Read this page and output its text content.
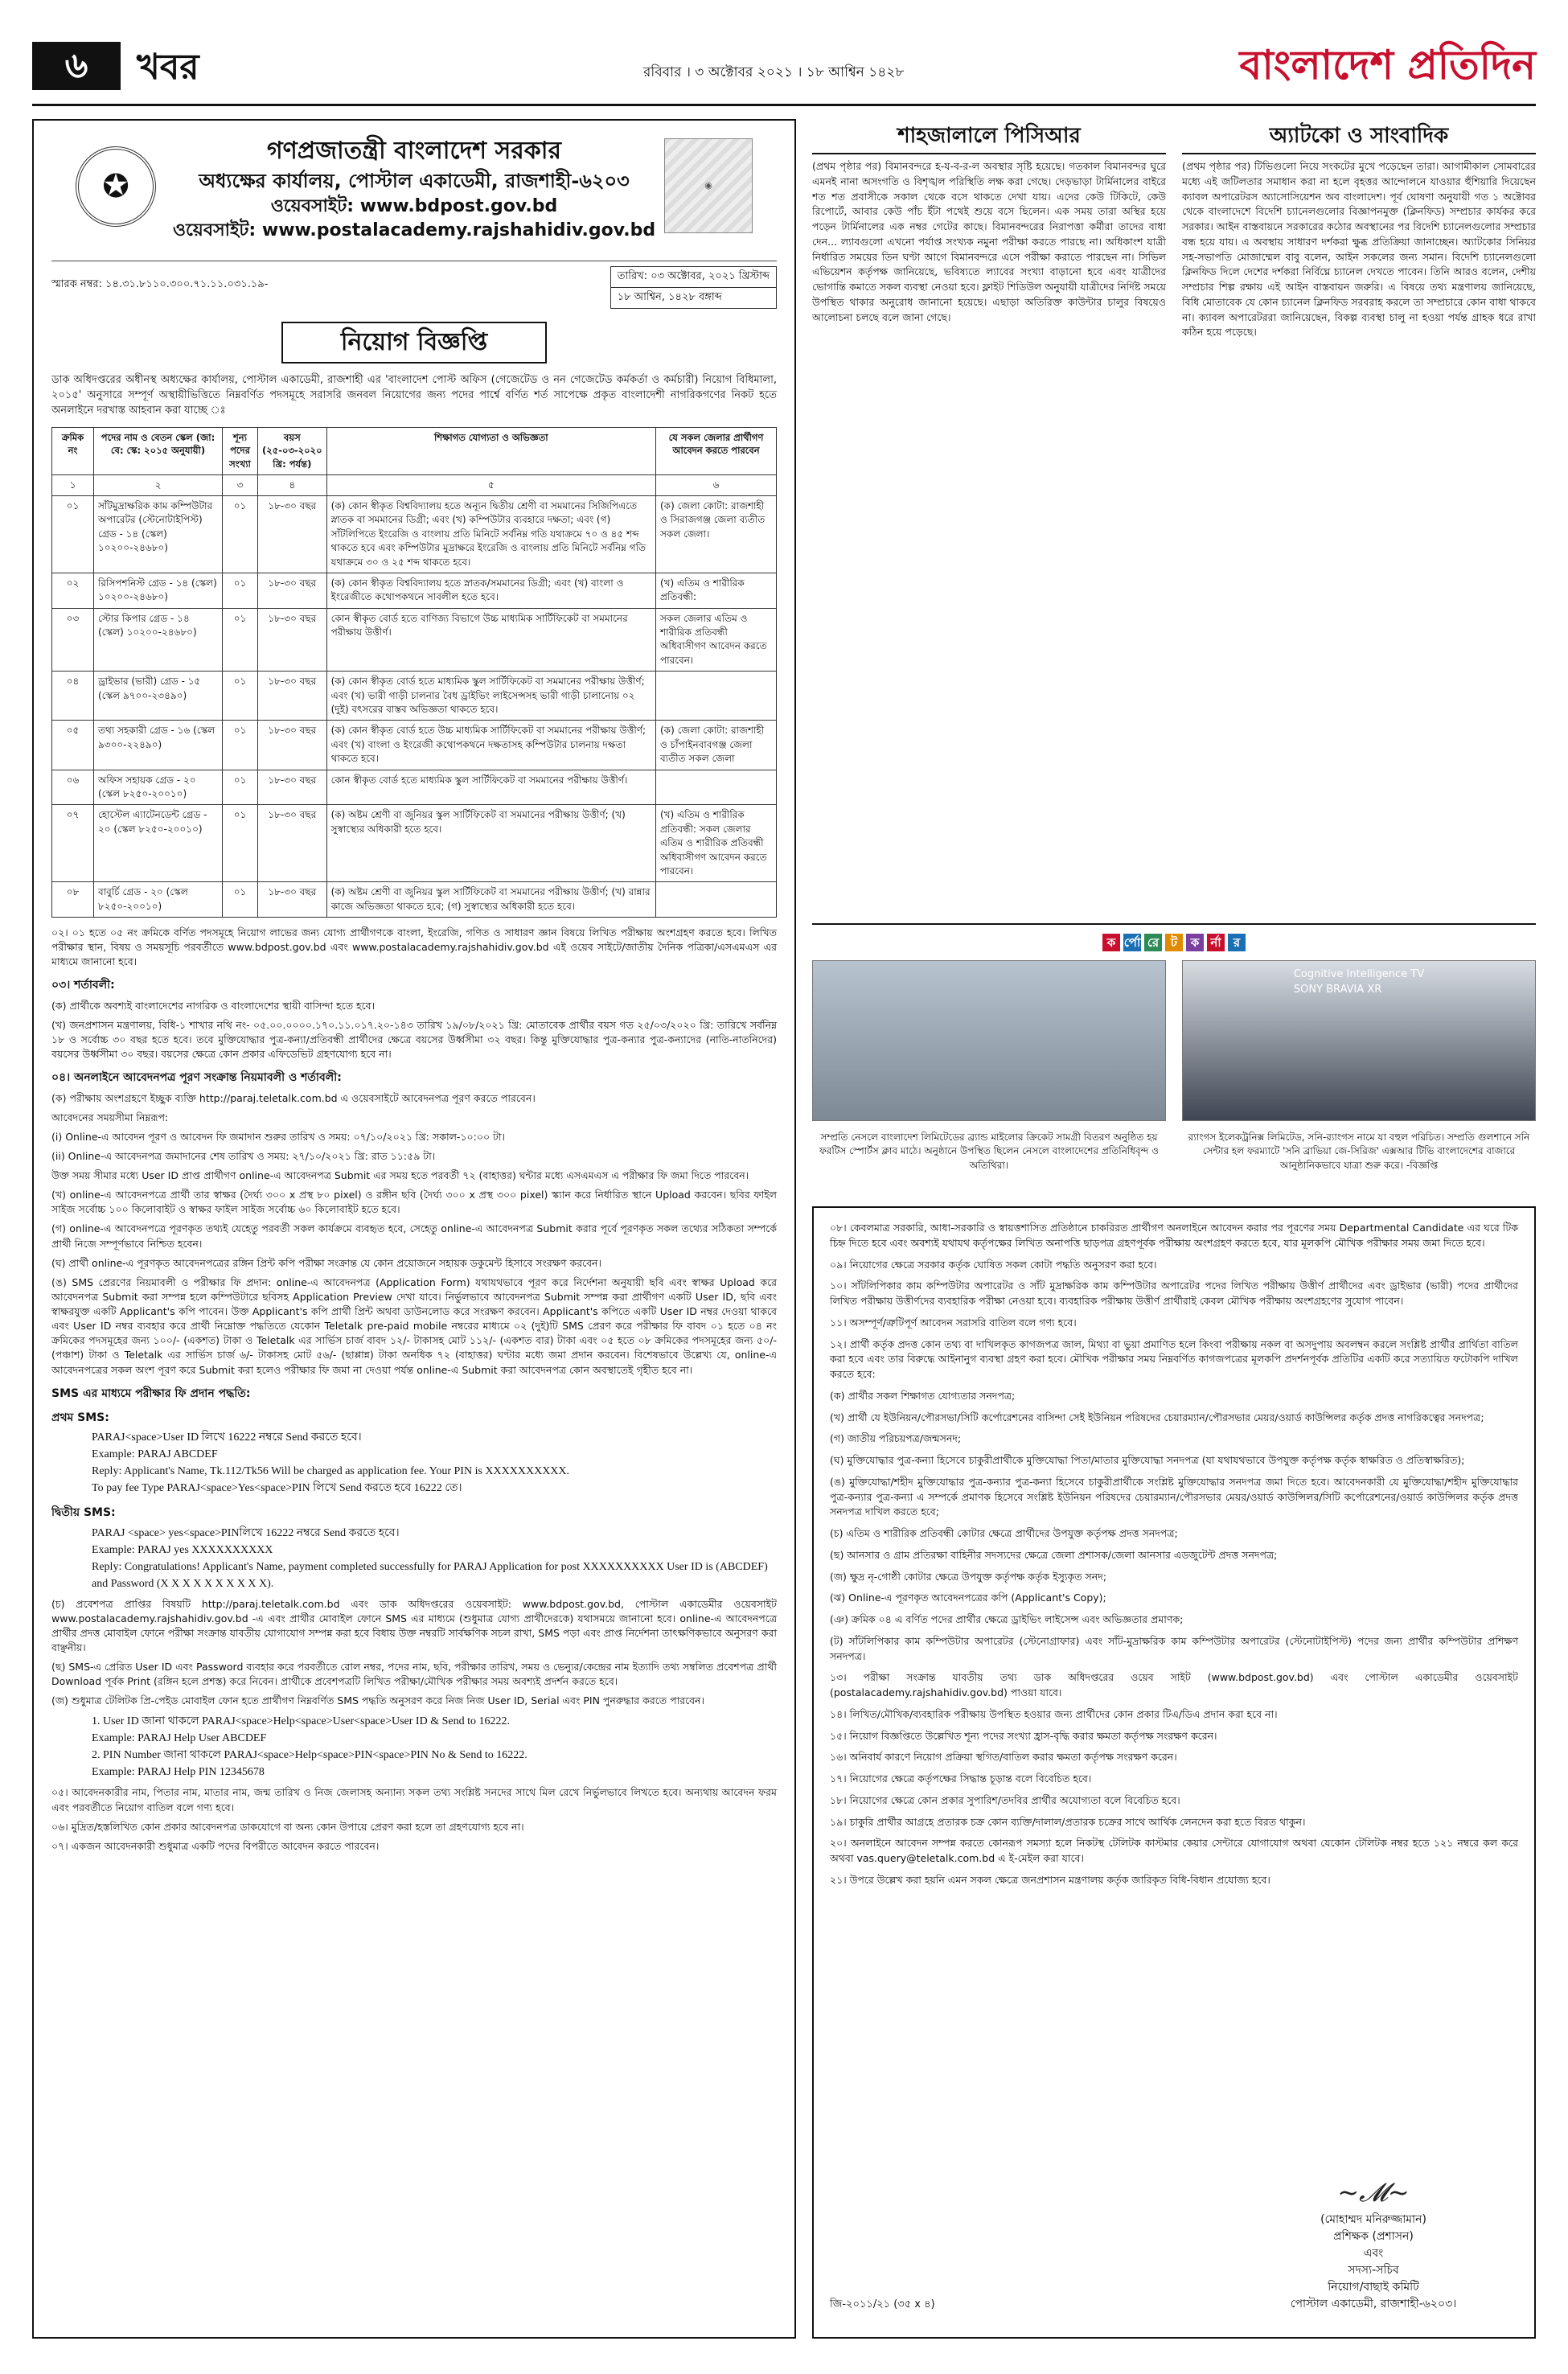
৬	খবর	রবিবার । ৩ অক্টোবর ২০২১ । ১৮ আশ্বিন ১৪২৮	বাংলাদেশ প্রতিদিন
✪	◉
গণপ্রজাতন্ত্রী বাংলাদেশ সরকার
অধ্যক্ষের কার্যালয়, পোস্টাল একাডেমী, রাজশাহী-৬২০৩
ওয়েবসাইট: www.bdpost.gov.bd
ওয়েবসাইট: www.postalacademy.rajshahidiv.gov.bd
স্মারক নম্বর: ১৪.৩১.৮১১০.৩০০.৭১.১১.০৩১.১৯-
তারিখ: ০৩ অক্টোবর, ২০২১ খ্রিস্টাব্দ
১৮ আশ্বিন, ১৪২৮ বঙ্গাব্দ
নিয়োগ বিজ্ঞপ্তি

ডাক অধিদপ্তরের অধীনস্থ অধ্যক্ষের কার্যালয়, পোস্টাল একাডেমী, রাজশাহী এর 'বাংলাদেশ পোস্ট অফিস (গেজেটেড ও নন গেজেটেড কর্মকর্তা ও কর্মচারী) নিয়োগ বিধিমালা, ২০১৫' অনুসারে সম্পূর্ণ অস্থায়ীভিত্তিতে নিম্নবর্ণিত পদসমূহে সরাসরি জনবল নিয়োগের জন্য পদের পার্শ্বে বর্ণিত শর্ত সাপেক্ষে প্রকৃত বাংলাদেশী নাগরিকগণের নিকট হতে অনলাইনে দরখাস্ত আহবান করা যাচ্ছে ঃ

ক্রমিক নং	পদের নাম ও বেতন স্কেল (জা: বে: স্কে: ২০১৫ অনুযায়ী)	শূন্য পদের সংখ্যা	বয়স (২৫-০৩-২০২০ খ্রি: পর্যন্ত)	শিক্ষাগত যোগ্যতা ও অভিজ্ঞতা	যে সকল জেলার প্রার্থীগণ আবেদন করতে পারবেন
১	২	৩	৪	৫	৬
০১	সাঁটমুদ্রাক্ষরিক কাম কম্পিউটার অপারেটর (স্টেনোটাইপিস্ট) গ্রেড - ১৪ (স্কেল) ১০২০০-২৪৬৮০)	০১	১৮-৩০ বছর	(ক) কোন স্বীকৃত বিশ্ববিদ্যালয় হতে অন্যূন দ্বিতীয় শ্রেণী বা সমমানের সিজিপিএতে স্নাতক বা সমমানের ডিগ্রী; এবং (খ) কম্পিউটার ব্যবহারে দক্ষতা; এবং (গ) সাঁটলিপিতে ইংরেজি ও বাংলায় প্রতি মিনিটে সর্বনিম্ন গতি যথাক্রমে ৭০ ও ৪৫ শব্দ থাকতে হবে এবং কম্পিউটার মুদ্রাক্ষরে ইংরেজি ও বাংলায় প্রতি মিনিটে সর্বনিম্ন গতি যথাক্রমে ৩০ ও ২৫ শব্দ থাকতে হবে।	(ক) জেলা কোটা: রাজশাহী ও সিরাজগঞ্জ জেলা ব্যতীত সকল জেলা।
০২	রিসিপশনিস্ট গ্রেড - ১৪ (স্কেল) ১০২০০-২৪৬৮০)	০১	১৮-৩০ বছর	(ক) কোন স্বীকৃত বিশ্ববিদ্যালয় হতে স্নাতক/সমমানের ডিগ্রী; এবং (খ) বাংলা ও ইংরেজীতে কথোপকথনে সাবলীল হতে হবে।	(খ) এতিম ও শারীরিক প্রতিবন্ধী:
০৩	স্টোর কিপার গ্রেড - ১৪ (স্কেল) ১০২০০-২৪৬৮০)	০১	১৮-৩০ বছর	কোন স্বীকৃত বোর্ড হতে বাণিজ্য বিভাগে উচ্চ মাধ্যমিক সার্টিফিকেট বা সমমানের পরীক্ষায় উত্তীর্ণ।	সকল জেলার এতিম ও শারীরিক প্রতিবন্ধী অধিবাসীগণ আবেদন করতে পারবেন।
০৪	ড্রাইভার (ভারী) গ্রেড - ১৫ (স্কেল ৯৭০০-২৩৪৯০)	০১	১৮-৩০ বছর	(ক) কোন স্বীকৃত বোর্ড হতে মাধ্যমিক স্কুল সার্টিফিকেট বা সমমানের পরীক্ষায় উত্তীর্ণ; এবং (খ) ভারী গাড়ী চালনার বৈধ ড্রাইভিং লাইসেন্সসহ ভারী গাড়ী চালানোয় ০২ (দুই) বৎসরের বাস্তব অভিজ্ঞতা থাকতে হবে।	
০৫	তথ্য সহকারী গ্রেড - ১৬ (স্কেল ৯৩০০-২২৪৯০)	০১	১৮-৩০ বছর	(ক) কোন স্বীকৃত বোর্ড হতে উচ্চ মাধ্যমিক সার্টিফিকেট বা সমমানের পরীক্ষায় উত্তীর্ণ; এবং (খ) বাংলা ও ইংরেজী কথোপকথনে দক্ষতাসহ কম্পিউটার চালনায় দক্ষতা থাকতে হবে।	(ক) জেলা কোটা: রাজশাহী ও চাঁপাইনবাবগঞ্জ জেলা ব্যতীত সকল জেলা
০৬	অফিস সহায়ক গ্রেড - ২০ (স্কেল ৮২৫০-২০০১০)	০১	১৮-৩০ বছর	কোন স্বীকৃত বোর্ড হতে মাধ্যমিক স্কুল সার্টিফিকেট বা সমমানের পরীক্ষায় উত্তীর্ণ।	
০৭	হোস্টেল এ্যাটেনডেন্ট গ্রেড - ২০ (স্কেল ৮২৫০-২০০১০)	০১	১৮-৩০ বছর	(ক) অষ্টম শ্রেণী বা জুনিয়র স্কুল সার্টিফিকেট বা সমমানের পরীক্ষায় উত্তীর্ণ; (খ) সুস্বাস্থ্যের অধিকারী হতে হবে।	(খ) এতিম ও শারীরিক প্রতিবন্ধী: সকল জেলার এতিম ও শারীরিক প্রতিবন্ধী অধিবাসীগণ আবেদন করতে পারবেন।
০৮	বাবুর্চি গ্রেড - ২০ (স্কেল ৮২৫০-২০০১০)	০১	১৮-৩০ বছর	(ক) অষ্টম শ্রেণী বা জুনিয়র স্কুল সার্টিফিকেট বা সমমানের পরীক্ষায় উত্তীর্ণ; (খ) রান্নার কাজে অভিজ্ঞতা থাকতে হবে; (গ) সুস্বাস্থ্যের অধিকারী হতে হবে।	

০২। ০১ হতে ০৫ নং ক্রমিকে বর্ণিত পদসমূহে নিয়োগ লাভের জন্য যোগ্য প্রার্থীগণকে বাংলা, ইংরেজি, গণিত ও সাধারণ জ্ঞান বিষয়ে লিখিত পরীক্ষায় অংশগ্রহণ করতে হবে। লিখিত পরীক্ষার স্থান, বিষয় ও সময়সূচি পরবর্তীতে www.bdpost.gov.bd এবং www.postalacademy.rajshahidiv.gov.bd এই ওয়েব সাইটে/জাতীয় দৈনিক পত্রিকা/এসএমএস এর মাধ্যমে জানানো হবে।

০৩। শর্তাবলী:

(ক) প্রার্থীকে অবশ্যই বাংলাদেশের নাগরিক ও বাংলাদেশের স্থায়ী বাসিন্দা হতে হবে।

(খ) জনপ্রশাসন মন্ত্রণালয়, বিধি-১ শাখার নথি নং- ০৫.০০.০০০০.১৭০.১১.০১৭.২০-১৪৩ তারিখ ১৯/০৮/২০২১ খ্রি: মোতাবেক প্রার্থীর বয়স গত ২৫/০৩/২০২০ খ্রি: তারিখে সর্বনিম্ন ১৮ ও সর্বোচ্চ ৩০ বছর হতে হবে। তবে মুক্তিযোদ্ধার পুত্র-কন্যা/প্রতিবন্ধী প্রার্থীদের ক্ষেত্রে বয়সের উর্ধ্বসীমা ৩২ বছর। কিন্তু মুক্তিযোদ্ধার পুত্র-কন্যার পুত্র-কন্যাদের (নাতি-নাতনিদের) বয়সের উর্ধ্বসীমা ৩০ বছর। বয়সের ক্ষেত্রে কোন প্রকার এফিডেভিট গ্রহণযোগ্য হবে না।

০৪। অনলাইনে আবেদনপত্র পূরণ সংক্রান্ত নিয়মাবলী ও শর্তাবলী:

(ক) পরীক্ষায় অংশগ্রহণে ইচ্ছুক ব্যক্তি http://paraj.teletalk.com.bd এ ওয়েবসাইটে আবেদনপত্র পূরণ করতে পারবেন।

আবেদনের সময়সীমা নিম্নরূপ:

(i) Online-এ আবেদন পূরণ ও আবেদন ফি জমাদান শুরুর তারিখ ও সময়: ০৭/১০/২০২১ খ্রি: সকাল-১০:০০ টা।

(ii) Online-এ আবেদনপত্র জমাদানের শেষ তারিখ ও সময়: ২৭/১০/২০২১ খ্রি: রাত ১১:৫৯ টা।

উক্ত সময় সীমার মধ্যে User ID প্রাপ্ত প্রার্থীগণ online-এ আবেদনপত্র Submit এর সময় হতে পরবর্তী ৭২ (বাহাত্তর) ঘন্টার মধ্যে এসএমএস এ পরীক্ষার ফি জমা দিতে পারবেন।

(খ) online-এ আবেদনপত্রে প্রার্থী তার স্বাক্ষর (দৈর্ঘ্য ৩০০ x প্রস্থ ৮০ pixel) ও রঙ্গীন ছবি (দৈর্ঘ্য ৩০০ x প্রস্থ ৩০০ pixel) স্ক্যান করে নির্ধারিত স্থানে Upload করবেন। ছবির ফাইল সাইজ সর্বোচ্চ ১০০ কিলোবাইট ও স্বাক্ষর ফাইল সাইজ সর্বোচ্চ ৬০ কিলোবাইট হতে হবে।

(গ) online-এ আবেদনপত্রে পূরণকৃত তথ্যই যেহেতু পরবর্তী সকল কার্যক্রমে ব্যবহৃত হবে, সেহেতু online-এ আবেদনপত্র Submit করার পূর্বে পূরণকৃত সকল তথ্যের সঠিকতা সম্পর্কে প্রার্থী নিজে সম্পূর্ণভাবে নিশ্চিত হবেন।

(ঘ) প্রার্থী online-এ পূরণকৃত আবেদনপত্রের রঙ্গিন প্রিন্ট কপি পরীক্ষা সংক্রান্ত যে কোন প্রয়োজনে সহায়ক ডকুমেন্ট হিসাবে সংরক্ষণ করবেন।

(ঙ) SMS প্রেরণের নিয়মাবলী ও পরীক্ষার ফি প্রদান: online-এ আবেদনপত্র (Application Form) যথাযথভাবে পূরণ করে নির্দেশনা অনুযায়ী ছবি এবং স্বাক্ষর Upload করে আবেদনপত্র Submit করা সম্পন্ন হলে কম্পিউটারে ছবিসহ Application Preview দেখা যাবে। নির্ভুলভাবে আবেদনপত্র Submit সম্পন্ন করা প্রার্থীগণ একটি User ID, ছবি এবং স্বাক্ষরযুক্ত একটি Applicant's কপি পাবেন। উক্ত Applicant's কপি প্রার্থী প্রিন্ট অথবা ডাউনলোড করে সংরক্ষণ করবেন। Applicant's কপিতে একটি User ID নম্বর দেওয়া থাকবে এবং User ID নম্বর ব্যবহার করে প্রার্থী নিম্নোক্ত পদ্ধতিতে যেকোন Teletalk pre-paid mobile নম্বরের মাধ্যমে ০২ (দুই)টি SMS প্রেরণ করে পরীক্ষার ফি বাবদ ০১ হতে ০৪ নং ক্রমিকের পদসমূহের জন্য ১০০/- (একশত) টাকা ও Teletalk এর সার্ভিস চার্জ বাবদ ১২/- টাকাসহ মোট ১১২/- (একশত বার) টাকা এবং ০৫ হতে ০৮ ক্রমিকের পদসমূহের জন্য ৫০/- (পঞ্চাশ) টাকা ও Teletalk এর সার্ভিস চার্জ ৬/- টাকাসহ মোট ৫৬/- (ছাপ্পান্ন) টাকা অনধিক ৭২ (বাহাত্তর) ঘণ্টার মধ্যে জমা প্রদান করবেন। বিশেষভাবে উল্লেখ্য যে, online-এ আবেদনপত্রের সকল অংশ পূরণ করে Submit করা হলেও পরীক্ষার ফি জমা না দেওয়া পর্যন্ত online-এ Submit করা আবেদনপত্র কোন অবস্থাতেই গৃহীত হবে না।

SMS এর মাধ্যমে পরীক্ষার ফি প্রদান পদ্ধতি:

প্রথম SMS:

PARAJ<space>User ID লিখে 16222 নম্বরে Send করতে হবে।

Example: PARAJ ABCDEF

Reply: Applicant's Name, Tk.112/Tk56 Will be charged as application fee. Your PIN is XXXXXXXXXX.

To pay fee Type PARAJ<space>Yes<space>PIN লিখে Send করতে হবে 16222 তে।

দ্বিতীয় SMS:

PARAJ <space> yes<space>PINলিখে 16222 নম্বরে Send করতে হবে।

Example: PARAJ yes XXXXXXXXXX

Reply: Congratulations! Applicant's Name, payment completed successfully for PARAJ Application for post XXXXXXXXXX User ID is (ABCDEF) and Password (X X X X X X X X X X).

(চ) প্রবেশপত্র প্রাপ্তির বিষয়টি http://paraj.teletalk.com.bd এবং ডাক অধিদপ্তরের ওয়েবসাইট: www.bdpost.gov.bd, পোস্টাল একাডেমীর ওয়েবসাইট www.postalacademy.rajshahidiv.gov.bd -এ এবং প্রার্থীর মোবাইল ফোনে SMS এর মাধ্যমে (শুধুমাত্র যোগ্য প্রার্থীদেরকে) যথাসময়ে জানানো হবে। online-এ আবেদনপত্রে প্রার্থীর প্রদত্ত মোবাইল ফোনে পরীক্ষা সংক্রান্ত যাবতীয় যোগাযোগ সম্পন্ন করা হবে বিধায় উক্ত নম্বরটি সার্বক্ষণিক সচল রাখা, SMS পড়া এবং প্রাপ্ত নির্দেশনা তাৎক্ষণিকভাবে অনুসরণ করা বাঞ্ছনীয়।

(ছ) SMS-এ প্রেরিত User ID এবং Password ব্যবহার করে পরবর্তীতে রোল নম্বর, পদের নাম, ছবি, পরীক্ষার তারিখ, সময় ও ভেন্যুর/কেন্দ্রের নাম ইত্যাদি তথ্য সম্বলিত প্রবেশপত্র প্রার্থী Download পূর্বক Print (রঙ্গিন হলে প্রশস্ত) করে নিবেন। প্রার্থীকে প্রবেশপত্রটি লিখিত পরীক্ষা/মৌখিক পরীক্ষার সময় অবশ্যই প্রদর্শন করতে হবে।

(জ) শুধুমাত্র টেলিটক প্রি-পেইড মোবাইল ফোন হতে প্রার্থীগণ নিম্নবর্ণিত SMS পদ্ধতি অনুসরণ করে নিজ নিজ User ID, Serial এবং PIN পুনরুদ্ধার করতে পারবেন।

1. User ID জানা থাকলে PARAJ<space>Help<space>User<space>User ID & Send to 16222.

Example: PARAJ Help User ABCDEF

2. PIN Number জানা থাকলে PARAJ<space>Help<space>PIN<space>PIN No & Send to 16222.

Example: PARAJ Help PIN 12345678

০৫। আবেদনকারীর নাম, পিতার নাম, মাতার নাম, জন্ম তারিখ ও নিজ জেলাসহ অন্যান্য সকল তথ্য সংশ্লিষ্ট সনদের সাথে মিল রেখে নির্ভুলভাবে লিখতে হবে। অন্যথায় আবেদন ফরম এবং পরবর্তীতে নিয়োগ বাতিল বলে গণ্য হবে।

০৬। মুদ্রিত/হস্তলিখিত কোন প্রকার আবেদনপত্র ডাকযোগে বা অন্য কোন উপায়ে প্রেরণ করা হলে তা গ্রহণযোগ্য হবে না।

০৭। একজন আবেদনকারী শুধুমাত্র একটি পদের বিপরীতে আবেদন করতে পারবেন।

শাহজালালে পিসিআর

(প্রথম পৃষ্ঠার পর) বিমানবন্দরে হ-য-ব-র-ল অবস্থার সৃষ্টি হয়েছে। গতকাল বিমানবন্দর ঘুরে এমনই নানা অসংগতি ও বিশৃঙ্খল পরিস্থিতি লক্ষ করা গেছে। দেড়ভাড়া টার্মিনালের বাইরে শত শত প্রবাসীকে সকাল থেকে বসে থাকতে দেখা যায়। এদের কেউ টিকিটে, কেউ রিপোর্টে, আবার কেউ পাঁচ ইঁটা পথেই শুয়ে বসে ছিলেন। এক সময় তারা অস্থির হয়ে পড়েন টার্মিনালের এক নম্বর গেটের কাছে। বিমানবন্দরের নিরাপত্তা কর্মীরা তাদের বাধা দেন... ল্যাবগুলো এখনো পর্যাপ্ত সংখ্যক নমুনা পরীক্ষা করতে পারছে না। অধিকাংশ যাত্রী নির্ধারিত সময়ের তিন ঘণ্টা আগে বিমানবন্দরে এসে পরীক্ষা করাতে পারছেন না। সিভিল এভিয়েশন কর্তৃপক্ষ জানিয়েছে, ভবিষ্যতে ল্যাবের সংখ্যা বাড়ানো হবে এবং যাত্রীদের ভোগান্তি কমাতে সকল ব্যবস্থা নেওয়া হবে। ফ্লাইট শিডিউল অনুযায়ী যাত্রীদের নির্দিষ্ট সময়ে উপস্থিত থাকার অনুরোধ জানানো হয়েছে। এছাড়া অতিরিক্ত কাউন্টার চালুর বিষয়েও আলোচনা চলছে বলে জানা গেছে।

অ্যাটকো ও সাংবাদিক

(প্রথম পৃষ্ঠার পর) টিভিগুলো নিয়ে সংকটের মুখে পড়েছেন তারা। আগামীকাল সোমবারের মধ্যে এই জটিলতার সমাধান করা না হলে বৃহত্তর আন্দোলনে যাওয়ার হুঁশিয়ারি দিয়েছেন ক্যাবল অপারেটরস অ্যাসোসিয়েশন অব বাংলাদেশ। পূর্ব ঘোষণা অনুযায়ী গত ১ অক্টোবর থেকে বাংলাদেশে বিদেশি চ্যানেলগুলোর বিজ্ঞাপনমুক্ত (ক্লিনফিড) সম্প্রচার কার্যকর করে সরকার। আইন বাস্তবায়নে সরকারের কঠোর অবস্থানের পর বিদেশি চ্যানেলগুলোর সম্প্রচার বন্ধ হয়ে যায়। এ অবস্থায় সাধারণ দর্শকরা ক্ষুব্ধ প্রতিক্রিয়া জানাচ্ছেন। অ্যাটকোর সিনিয়র সহ-সভাপতি মোজাম্মেল বাবু বলেন, আইন সকলের জন্য সমান। বিদেশি চ্যানেলগুলো ক্লিনফিড দিলে দেশের দর্শকরা নির্বিঘ্নে চ্যানেল দেখতে পাবেন। তিনি আরও বলেন, দেশীয় সম্প্রচার শিল্প রক্ষায় এই আইন বাস্তবায়ন জরুরি। এ বিষয়ে তথ্য মন্ত্রণালয় জানিয়েছে, বিধি মোতাবেক যে কোন চ্যানেল ক্লিনফিড সরবরাহ করলে তা সম্প্রচারে কোন বাধা থাকবে না। ক্যাবল অপারেটররা জানিয়েছেন, বিকল্প ব্যবস্থা চালু না হওয়া পর্যন্ত গ্রাহক ধরে রাখা কঠিন হয়ে পড়েছে।

ক র্পো রে ট ক র্না র
Cognitive Intelligence TV
SONY BRAVIA XR

সম্প্রতি নেসলে বাংলাদেশ লিমিটেডের ব্র্যান্ড মাইলোর ক্রিকেট সামগ্রী বিতরণ অনুষ্ঠিত হয় ফরটিস স্পোর্টস ক্লাব মাঠে। অনুষ্ঠানে উপস্থিত ছিলেন নেসলে বাংলাদেশের প্রতিনিধিবৃন্দ ও অতিথিরা।

র‍্যাংগস ইলেকট্রনিক্স লিমিটেড, সনি-র‍্যাংগস নামে যা বহুল পরিচিত। সম্প্রতি গুলশানে সনি সেন্টার হল ফরম্যাটে 'সনি ব্রাভিয়া জে-সিরিজ' এক্সআর টিভি বাংলাদেশের বাজারে আনুষ্ঠানিকভাবে যাত্রা শুরু করে। -বিজ্ঞপ্তি

০৮। কেবলমাত্র সরকারি, আধা-সরকারি ও স্বায়ত্তশাসিত প্রতিষ্ঠানে চাকরিরত প্রার্থীগণ অনলাইনে আবেদন করার পর পূরণের সময় Departmental Candidate এর ঘরে টিক চিহ্ন দিতে হবে এবং অবশ্যই যথাযথ কর্তৃপক্ষের লিখিত অনাপত্তি ছাড়পত্র গ্রহণপূর্বক পরীক্ষায় অংশগ্রহণ করতে হবে, যার মূলকপি মৌখিক পরীক্ষার সময় জমা দিতে হবে।

০৯। নিয়োগের ক্ষেত্রে সরকার কর্তৃক ঘোষিত সকল কোটা পদ্ধতি অনুসরণ করা হবে।

১০। সাঁটলিপিকার কাম কম্পিউটার অপারেটর ও সাঁট মুদ্রাক্ষরিক কাম কম্পিউটার অপারেটর পদের লিখিত পরীক্ষায় উত্তীর্ণ প্রার্থীদের এবং ড্রাইভার (ভারী) পদের প্রার্থীদের লিখিত পরীক্ষায় উত্তীর্ণদের ব্যবহারিক পরীক্ষা নেওয়া হবে। ব্যবহারিক পরীক্ষায় উত্তীর্ণ প্রার্থীরাই কেবল মৌখিক পরীক্ষায় অংশগ্রহণের সুযোগ পাবেন।

১১। অসম্পূর্ণ/ত্রুটিপূর্ণ আবেদন সরাসরি বাতিল বলে গণ্য হবে।

১২। প্রার্থী কর্তৃক প্রদত্ত কোন তথ্য বা দাখিলকৃত কাগজপত্র জাল, মিথ্যা বা ভুয়া প্রমাণিত হলে কিংবা পরীক্ষায় নকল বা অসদুপায় অবলম্বন করলে সংশ্লিষ্ট প্রার্থীর প্রার্থিতা বাতিল করা হবে এবং তার বিরুদ্ধে আইনানুগ ব্যবস্থা গ্রহণ করা হবে। মৌখিক পরীক্ষার সময় নিম্নবর্ণিত কাগজপত্রের মূলকপি প্রদর্শনপূর্বক প্রতিটির একটি করে সত্যায়িত ফটোকপি দাখিল করতে হবে:

(ক) প্রার্থীর সকল শিক্ষাগত যোগ্যতার সনদপত্র;

(খ) প্রার্থী যে ইউনিয়ন/পৌরসভা/সিটি কর্পোরেশনের বাসিন্দা সেই ইউনিয়ন পরিষদের চেয়ারম্যান/পৌরসভার মেয়র/ওয়ার্ড কাউন্সিলর কর্তৃক প্রদত্ত নাগরিকত্বের সনদপত্র;

(গ) জাতীয় পরিচয়পত্র/জন্মসনদ;

(ঘ) মুক্তিযোদ্ধার পুত্র-কন্যা হিসেবে চাকুরীপ্রার্থীকে মুক্তিযোদ্ধা পিতা/মাতার মুক্তিযোদ্ধা সনদপত্র (যা যথাযথভাবে উপযুক্ত কর্তৃপক্ষ কর্তৃক স্বাক্ষরিত ও প্রতিস্বাক্ষরিত);

(ঙ) মুক্তিযোদ্ধা/শহীদ মুক্তিযোদ্ধার পুত্র-কন্যার পুত্র-কন্যা হিসেবে চাকুরীপ্রার্থীকে সংশ্লিষ্ট মুক্তিযোদ্ধার সনদপত্র জমা দিতে হবে। আবেদনকারী যে মুক্তিযোদ্ধা/শহীদ মুক্তিযোদ্ধার পুত্র-কন্যার পুত্র-কন্যা এ সম্পর্কে প্রমাণক হিসেবে সংশ্লিষ্ট ইউনিয়ন পরিষদের চেয়ারম্যান/পৌরসভার মেয়র/ওয়ার্ড কাউন্সিলর/সিটি কর্পোরেশনের/ওয়ার্ড কাউন্সিলর কর্তৃক প্রদত্ত সনদপত্র দাখিল করতে হবে;

(চ) এতিম ও শারীরিক প্রতিবন্ধী কোটার ক্ষেত্রে প্রার্থীদের উপযুক্ত কর্তৃপক্ষ প্রদত্ত সনদপত্র;

(ছ) আনসার ও গ্রাম প্রতিরক্ষা বাহিনীর সদস্যদের ক্ষেত্রে জেলা প্রশাসক/জেলা আনসার এডজুটেন্ট প্রদত্ত সনদপত্র;

(জ) ক্ষুদ্র নৃ-গোষ্ঠী কোটার ক্ষেত্রে উপযুক্ত কর্তৃপক্ষ কর্তৃক ইস্যুকৃত সনদ;

(ঝ) Online-এ পূরণকৃত আবেদনপত্রের কপি (Applicant's Copy);

(ঞ) ক্রমিক ০৪ এ বর্ণিত পদের প্রার্থীর ক্ষেত্রে ড্রাইভিং লাইসেন্স এবং অভিজ্ঞতার প্রমাণক;

(ট) সাঁটলিপিকার কাম কম্পিউটার অপারেটর (স্টেনোগ্রাফার) এবং সাঁট-মুদ্রাক্ষরিক কাম কম্পিউটার অপারেটর (স্টেনোটাইপিস্ট) পদের জন্য প্রার্থীর কম্পিউটার প্রশিক্ষণ সনদপত্র।

১৩। পরীক্ষা সংক্রান্ত যাবতীয় তথ্য ডাক অধিদপ্তরের ওয়েব সাইট (www.bdpost.gov.bd) এবং পোস্টাল একাডেমীর ওয়েবসাইট (postalacademy.rajshahidiv.gov.bd) পাওয়া যাবে।

১৪। লিখিত/মৌখিক/ব্যবহারিক পরীক্ষায় উপস্থিত হওয়ার জন্য প্রার্থীদের কোন প্রকার টিএ/ডিএ প্রদান করা হবে না।

১৫। নিয়োগ বিজ্ঞপ্তিতে উল্লেখিত শূন্য পদের সংখ্যা হ্রাস-বৃদ্ধি করার ক্ষমতা কর্তৃপক্ষ সংরক্ষণ করেন।

১৬। অনিবার্য কারণে নিয়োগ প্রক্রিয়া স্থগিত/বাতিল করার ক্ষমতা কর্তৃপক্ষ সংরক্ষণ করেন।

১৭। নিয়োগের ক্ষেত্রে কর্তৃপক্ষের সিদ্ধান্ত চূড়ান্ত বলে বিবেচিত হবে।

১৮। নিয়োগের ক্ষেত্রে কোন প্রকার সুপারিশ/তদবির প্রার্থীর অযোগ্যতা বলে বিবেচিত হবে।

১৯। চাকুরি প্রার্থীর আগ্রহে প্রতারক চক্র কোন ব্যক্তি/দালাল/প্রতারক চক্রের সাথে আর্থিক লেনদেন করা হতে বিরত থাকুন।

২০। অনলাইনে আবেদন সম্পন্ন করতে কোনরূপ সমস্যা হলে নিকটস্থ টেলিটক কাস্টমার কেয়ার সেন্টারে যোগাযোগ অথবা যেকোন টেলিটক নম্বর হতে ১২১ নম্বরে কল করে অথবা vas.query@teletalk.com.bd এ ই-মেইল করা যাবে।

২১। উপরে উল্লেখ করা হয়নি এমন সকল ক্ষেত্রে জনপ্রশাসন মন্ত্রণালয় কর্তৃক জারিকৃত বিধি-বিধান প্রযোজ্য হবে।

~𝓜~
(মোহাম্মদ মনিরুজ্জামান)
প্রশিক্ষক (প্রশাসন)
এবং
সদস্য-সচিব
নিয়োগ/বাছাই কমিটি
পোস্টাল একাডেমী, রাজশাহী-৬২০৩।
জি-২০১১/২১ (৩৫ x ৪)
